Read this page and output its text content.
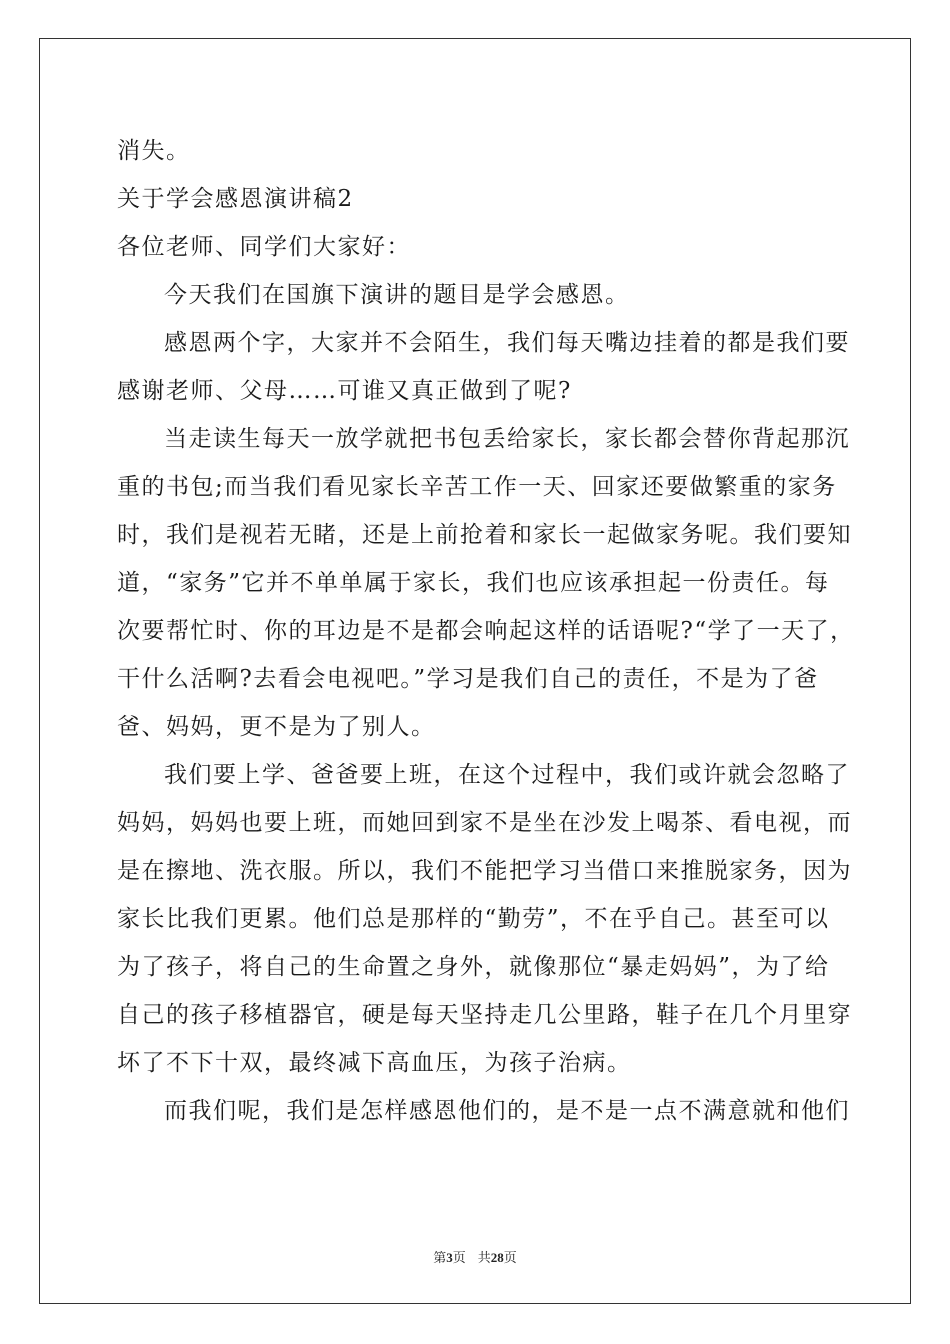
消失。
关于学会感恩演讲稿2
各位老师、同学们大家好：
今天我们在国旗下演讲的题目是学会感恩。
感恩两个字，大家并不会陌生，我们每天嘴边挂着的都是我们要
感谢老师、父母……可谁又真正做到了呢?
当走读生每天一放学就把书包丢给家长，家长都会替你背起那沉
重的书包;而当我们看见家长辛苦工作一天、回家还要做繁重的家务
时，我们是视若无睹，还是上前抢着和家长一起做家务呢。我们要知
道，“家务”它并不单单属于家长，我们也应该承担起一份责任。每
次要帮忙时、你的耳边是不是都会响起这样的话语呢?“学了一天了，
干什么活啊?去看会电视吧。”学习是我们自己的责任，不是为了爸
爸、妈妈，更不是为了别人。
我们要上学、爸爸要上班，在这个过程中，我们或许就会忽略了
妈妈，妈妈也要上班，而她回到家不是坐在沙发上喝茶、看电视，而
是在擦地、洗衣服。所以，我们不能把学习当借口来推脱家务，因为
家长比我们更累。他们总是那样的“勤劳”，不在乎自己。甚至可以
为了孩子，将自己的生命置之身外，就像那位“暴走妈妈”，为了给
自己的孩子移植器官，硬是每天坚持走几公里路，鞋子在几个月里穿
坏了不下十双，最终减下高血压，为孩子治病。
而我们呢，我们是怎样感恩他们的，是不是一点不满意就和他们
第3页 共28页
